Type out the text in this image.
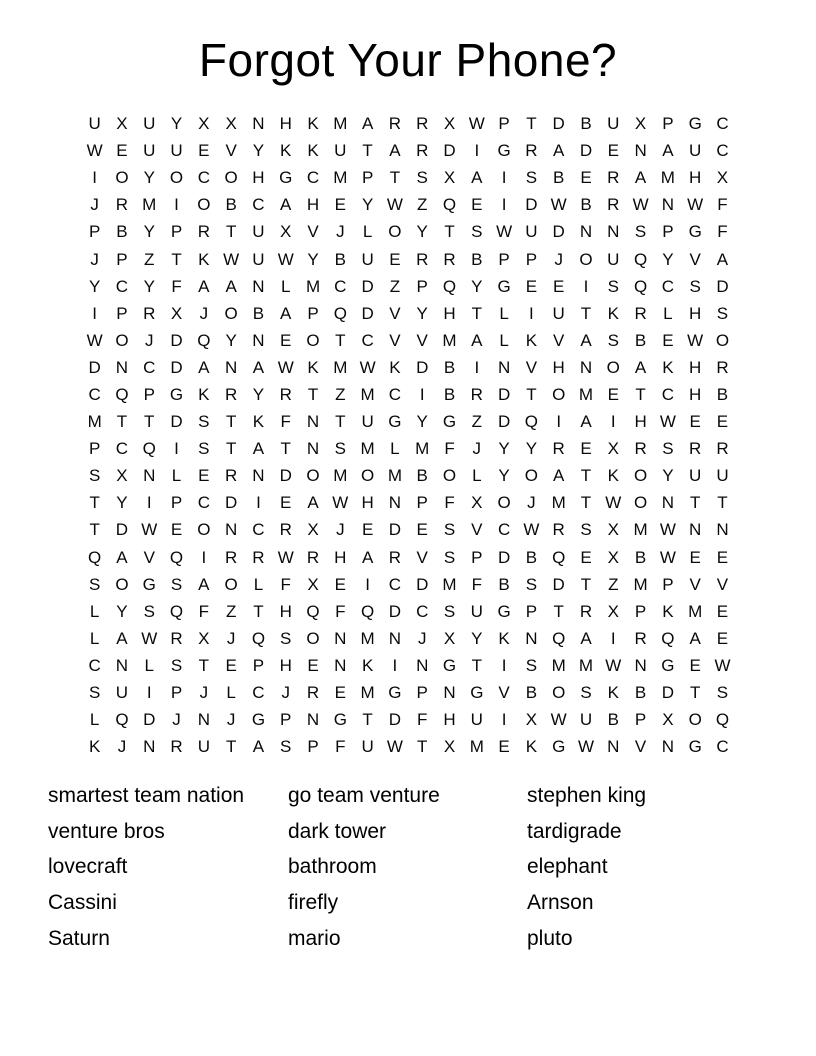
Forgot Your Phone?
U X U Y X X N H K M A R R X W P T D B U X P G C
W E U U E V Y K K U T A R D	I	G R A D E N A U C
I	O Y O C O H G C M P T S X A	I	S B E R A M H X
J R M	I	O B C A H E Y W Z Q E	I	D W B R W N W F
P B Y P R T U X V	J	L O Y T S W U D N N S P G F
J	P Z T K W U W Y B U E R R B P P	J O U Q Y V A
Y C Y F A A N L M C D Z P Q Y G E E	I	S Q C S D
I	P R X	J O B A P Q D V Y H T	L	I	U T K R L H S
W O J D Q Y N E O T C V V M A L K V A S B E W O
D N C D A N A W K M W K D B	I	N V H N O A K H R
C Q P G K R Y R T Z M C	I	B R D T O M E T C H B
M T T D S T K F N T U G Y G Z D Q	I	A	I	H W E E
P C Q	I	S T A T N S M L M F	J	Y Y R E X R S R R
S X N L E R N D O M O M B O L Y O A T K O Y U U
T Y	I	P C D	I	E A W H N P F X O J M T W O N T T
T D W E O N C R X	J	E D E S V C W R S X M W N N
Q A V Q	I	R R W R H A R V S P D B Q E X B W E E
S O G S A O L	F X E	I	C D M F B S D T Z M P V V
L Y S Q F Z T H Q F Q D C S U G P T R X P K M E
L A W R X	J Q S O N M N J	X Y K N Q A	I	R Q A E
C N L S T E P H E N K	I	N G T	I	S M M W N G E W
S U	I	P	J	L C J R E M G P N G V B O S K B D T S
L Q D J N J G P N G T D F H U	I	X W U B P X O Q
K	J N R U T A S P F U W T X M E K G W N V N G C
smartest team nation
venture bros
lovecraft
Cassini
Saturn
go team venture
dark tower
bathroom
firefly
mario
stephen king
tardigrade
elephant
Arnson
pluto
